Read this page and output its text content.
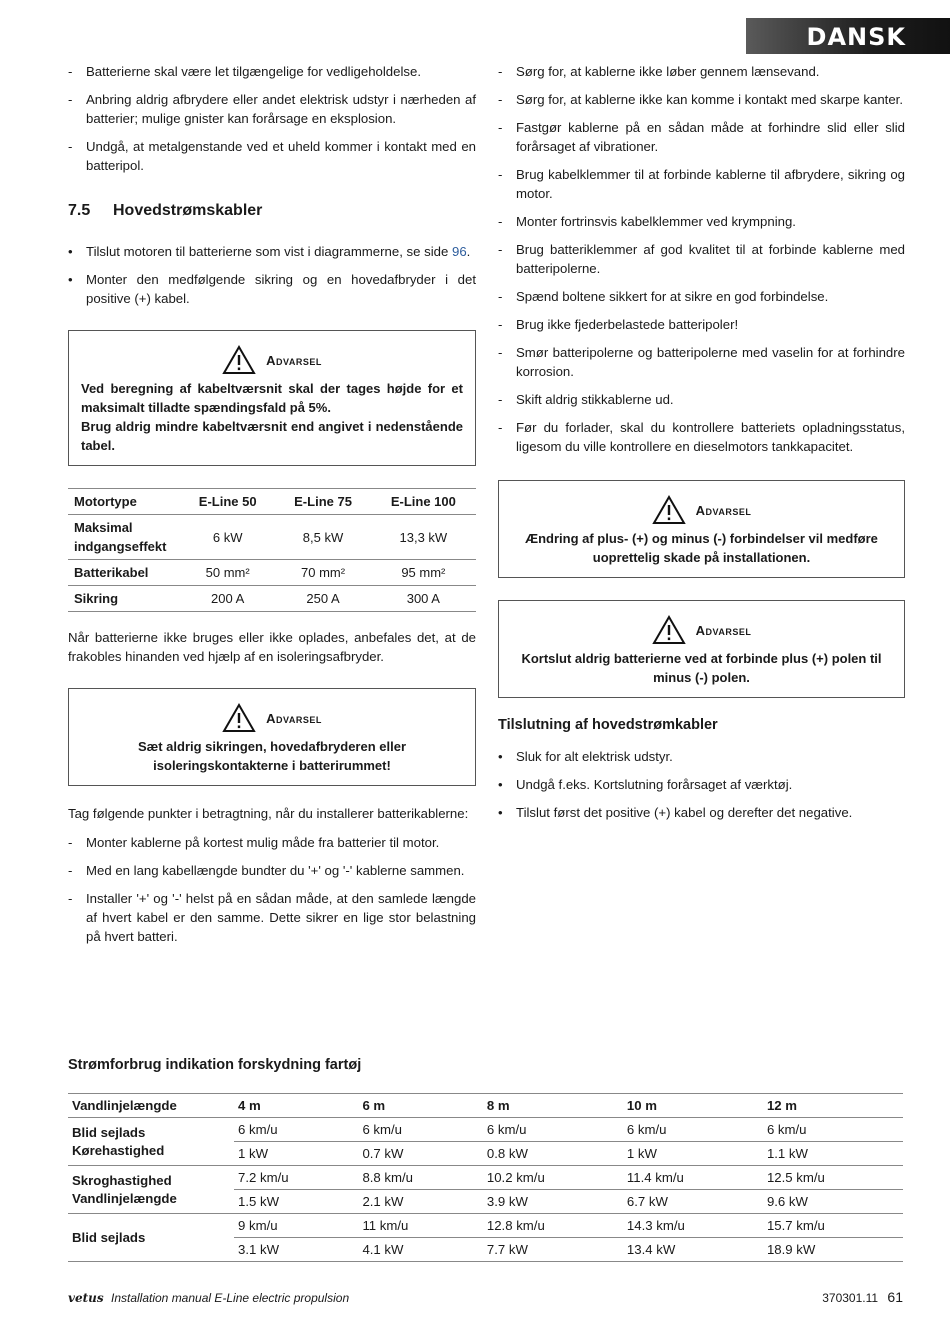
DANSK
- Batterierne skal være let tilgængelige for vedligeholdelse.
- Anbring aldrig afbrydere eller andet elektrisk udstyr i nærheden af batterier; mulige gnister kan forårsage en eksplosion.
- Undgå, at metalgenstande ved et uheld kommer i kontakt med en batteripol.
7.5	Hovedstrømskabler
• Tilslut motoren til batterierne som vist i diagrammerne, se side 96.
• Monter den medfølgende sikring og en hovedafbryder i det positive (+) kabel.
Advarsel
Ved beregning af kabeltværsnit skal der tages højde for et maksimalt tilladte spændingsfald på 5%.
Brug aldrig mindre kabeltværsnit end angivet i nedenstående tabel.
Motortype	E-Line 50	E-Line 75	E-Line 100
Maksimal indgangseffekt	6 kW	8,5 kW	13,3 kW
Batterikabel	50 mm²	70 mm²	95 mm²
Sikring	200 A	250 A	300 A

Når batterierne ikke bruges eller ikke oplades, anbefales det, at de frakobles hinanden ved hjælp af en isoleringsafbryder.

Advarsel
Sæt aldrig sikringen, hovedafbryderen eller isoleringskontakterne i batterirummet!

Tag følgende punkter i betragtning, når du installerer batterikablerne:

- Monter kablerne på kortest mulig måde fra batterier til motor.
- Med en lang kabellængde bundter du '+' og '-' kablerne sammen.
- Installer '+' og '-' helst på en sådan måde, at den samlede længde af hvert kabel er den samme. Dette sikrer en lige stor belastning på hvert batteri.
- Sørg for, at kablerne ikke løber gennem lænsevand.
- Sørg for, at kablerne ikke kan komme i kontakt med skarpe kanter.
- Fastgør kablerne på en sådan måde at forhindre slid eller slid forårsaget af vibrationer.
- Brug kabelklemmer til at forbinde kablerne til afbrydere, sikring og motor.
- Monter fortrinsvis kabelklemmer ved krympning.
- Brug batteriklemmer af god kvalitet til at forbinde kablerne med batteripolerne.
- Spænd boltene sikkert for at sikre en god forbindelse.
- Brug ikke fjederbelastede batteripoler!
- Smør batteripolerne og batteripolerne med vaselin for at forhindre korrosion.
- Skift aldrig stikkablerne ud.
- Før du forlader, skal du kontrollere batteriets opladningsstatus, ligesom du ville kontrollere en dieselmotors tankkapacitet.
Advarsel
Ændring af plus- (+) og minus (-) forbindelser vil medføre uoprettelig skade på installationen.
Advarsel
Kortslut aldrig batterierne ved at forbinde plus (+) polen til minus (-) polen.
Tilslutning af hovedstrømkabler
• Sluk for alt elektrisk udstyr.
• Undgå f.eks. Kortslutning forårsaget af værktøj.
• Tilslut først det positive (+) kabel og derefter det negative.
Strømforbrug indikation forskydning fartøj
Vandlinjelængde	4 m	6 m	8 m	10 m	12 m

Blid sejlads
Kørehastighed	6 km/u	6 km/u	6 km/u	6 km/u	6 km/u
	1 kW	0.7 kW	0.8 kW	1 kW	1.1 kW

Skroghastighed
Vandlinjelængde	7.2 km/u	8.8 km/u	10.2 km/u	11.4 km/u	12.5 km/u
	1.5 kW	2.1 kW	3.9 kW	6.7 kW	9.6 kW

Blid sejlads	9 km/u	11 km/u	12.8 km/u	14.3 km/u	15.7 km/u
	3.1 kW	4.1 kW	7.7 kW	13.4 kW	18.9 kW
vetus Installation manual E-Line electric propulsion	370301.11 61
